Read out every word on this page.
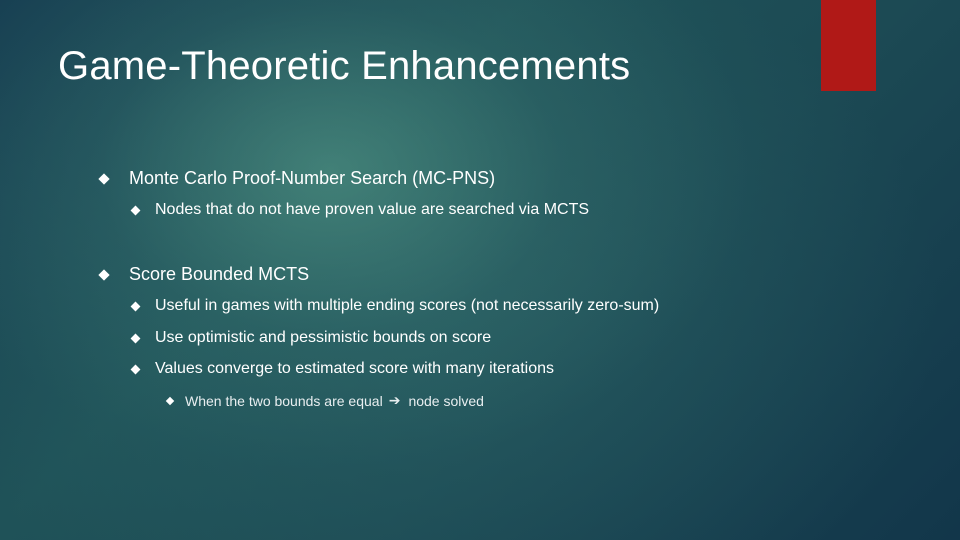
Game-Theoretic Enhancements
Monte Carlo Proof-Number Search (MC-PNS)
Nodes that do not have proven value are searched via MCTS
Score Bounded MCTS
Useful in games with multiple ending scores (not necessarily zero-sum)
Use optimistic and pessimistic bounds on score
Values converge to estimated score with many iterations
When the two bounds are equal ➔ node solved
